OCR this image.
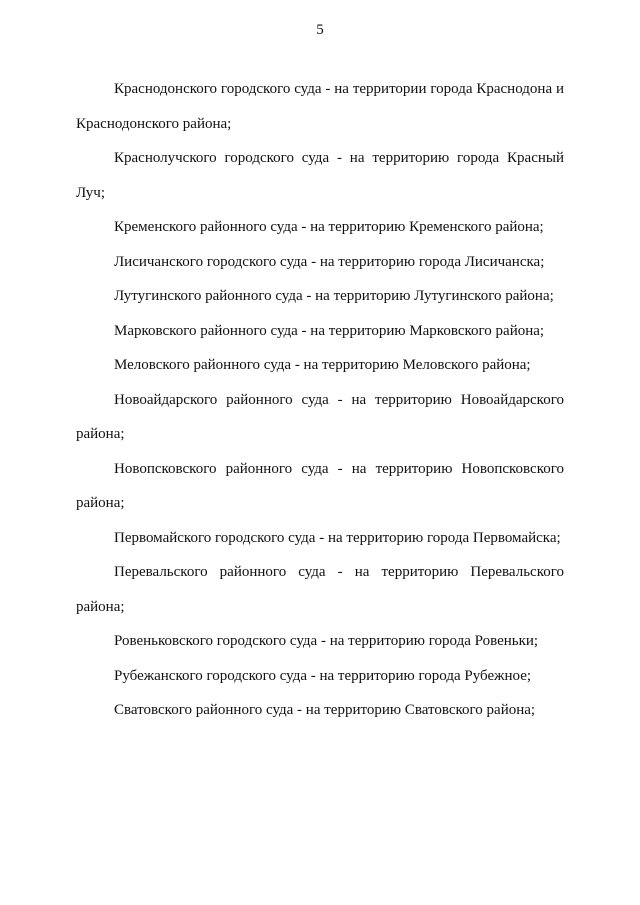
5

Краснодонского городского суда - на территории города Краснодона и Краснодонского района;

Краснолучского городского суда - на территорию города Красный Луч;

Кременского районного суда - на территорию Кременского района;

Лисичанского городского суда - на территорию города Лисичанска;

Лутугинского районного суда - на территорию Лутугинского района;

Марковского районного суда - на территорию Марковского района;

Меловского районного суда - на территорию Меловского района;

Новоайдарского районного суда - на территорию Новоайдарского района;

Новопсковского районного суда - на территорию Новопсковского района;

Первомайского городского суда - на территорию города Первомайска;

Перевальского районного суда - на территорию Перевальского района;

Ровеньковского городского суда - на территорию города Ровеньки;

Рубежанского городского суда - на территорию города Рубежное;

Сватовского районного суда - на территорию Сватовского района;
